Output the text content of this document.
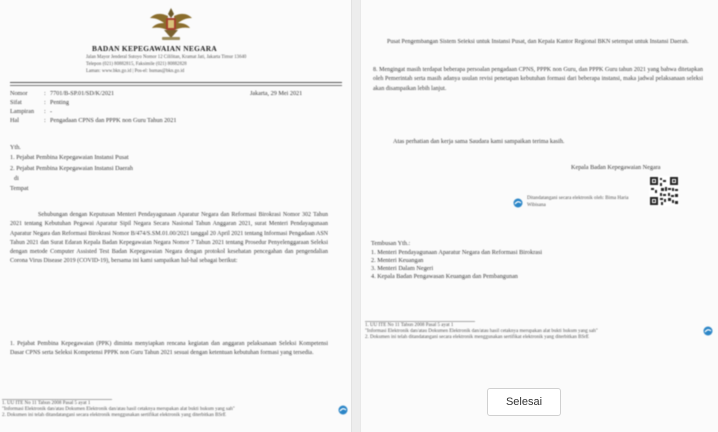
BADAN KEPEGAWAIAN NEGARA
Jalan Mayor Jenderal Sutoyo Nomor 12 Cililitan, Kramat Jati, Jakarta Timur 13640
Telepon (021) 80882815, Faksimile (021) 80882828
Laman: www.bkn.go.id | Pos-el: humas@bkn.go.id
Nomor	: 7701/B-SP.01/SD/K/2021	Jakarta, 29 Mei 2021
Sifat	: Penting
Lampiran : -
Hal	: Pengadaan CPNS dan PPPK non Guru Tahun 2021
Yth.
1. Pejabat Pembina Kepegawaian Instansi Pusat
2. Pejabat Pembina Kepegawaian Instansi Daerah
di
Tempat
Sehubungan dengan Keputusan Menteri Pendayagunaan Aparatur Negara dan Reformasi Birokrasi Nomor 302 Tahun 2021 tentang Kebutuhan Pegawai Aparatur Sipil Negara Secara Nasional Tahun Anggaran 2021, surat Menteri Pendayagunaan Aparatur Negara dan Reformasi Birokrasi Nomor B/474/S.SM.01.00/2021 tanggal 20 April 2021 tentang Informasi Pengadaan ASN Tahun 2021 dan Surat Edaran Kepala Badan Kepegawaian Negara Nomor 7 Tahun 2021 tentang Prosedur Penyelenggaraan Seleksi dengan metode Computer Assisted Test Badan Kepegawaian Negara dengan protokol kesehatan pencegahan dan pengendalian Corona Virus Disease 2019 (COVID-19), bersama ini kami sampaikan hal-hal sebagai berikut:
1. Pejabat Pembina Kepegawaian (PPK) diminta menyiapkan rencana kegiatan dan anggaran pelaksanaan Seleksi Kompetensi Dasar CPNS serta Seleksi Kompetensi PPPK non Guru Tahun 2021 sesuai dengan ketentuan kebutuhan formasi yang tersedia.
1. UU ITE No 11 Tahun 2008 Pasal 5 ayat 1
"Informasi Elektronik dan/atau Dokumen Elektronik dan/atau hasil cetaknya merupakan alat bukti hukum yang sah"
2. Dokumen ini telah ditandatangani secara elektronik menggunakan sertifikat elektronik yang diterbitkan BSrE
Pusat Pengembangan Sistem Seleksi untuk Instansi Pusat, dan Kepala Kantor Regional BKN setempat untuk Instansi Daerah.
8. Mengingat masih terdapat beberapa persoalan pengadaan CPNS, PPPK non Guru, dan PPPK Guru tahun 2021 yang bahwa ditetapkan oleh Pemerintah serta masih adanya usulan revisi penetapan kebutuhan formasi dari beberapa instansi, maka jadwal pelaksanaan seleksi akan disampaikan lebih lanjut.
Atas perhatian dan kerja sama Saudara kami sampaikan terima kasih.
Kepala Badan Kepegawaian Negara
Ditandatangani secara elektronik oleh: Bima Haria Wibisana
Tembusan Yth.:
1. Menteri Pendayagunaan Aparatur Negara dan Reformasi Birokrasi
2. Menteri Keuangan
3. Menteri Dalam Negeri
4. Kepala Badan Pengawasan Keuangan dan Pembangunan
1. UU ITE No 11 Tahun 2008 Pasal 5 ayat 1
"Informasi Elektronik dan/atau Dokumen Elektronik dan/atau hasil cetaknya merupakan alat bukti hukum yang sah"
2. Dokumen ini telah ditandatangani secara elektronik menggunakan sertifikat elektronik yang diterbitkan BSrE
Selesai
